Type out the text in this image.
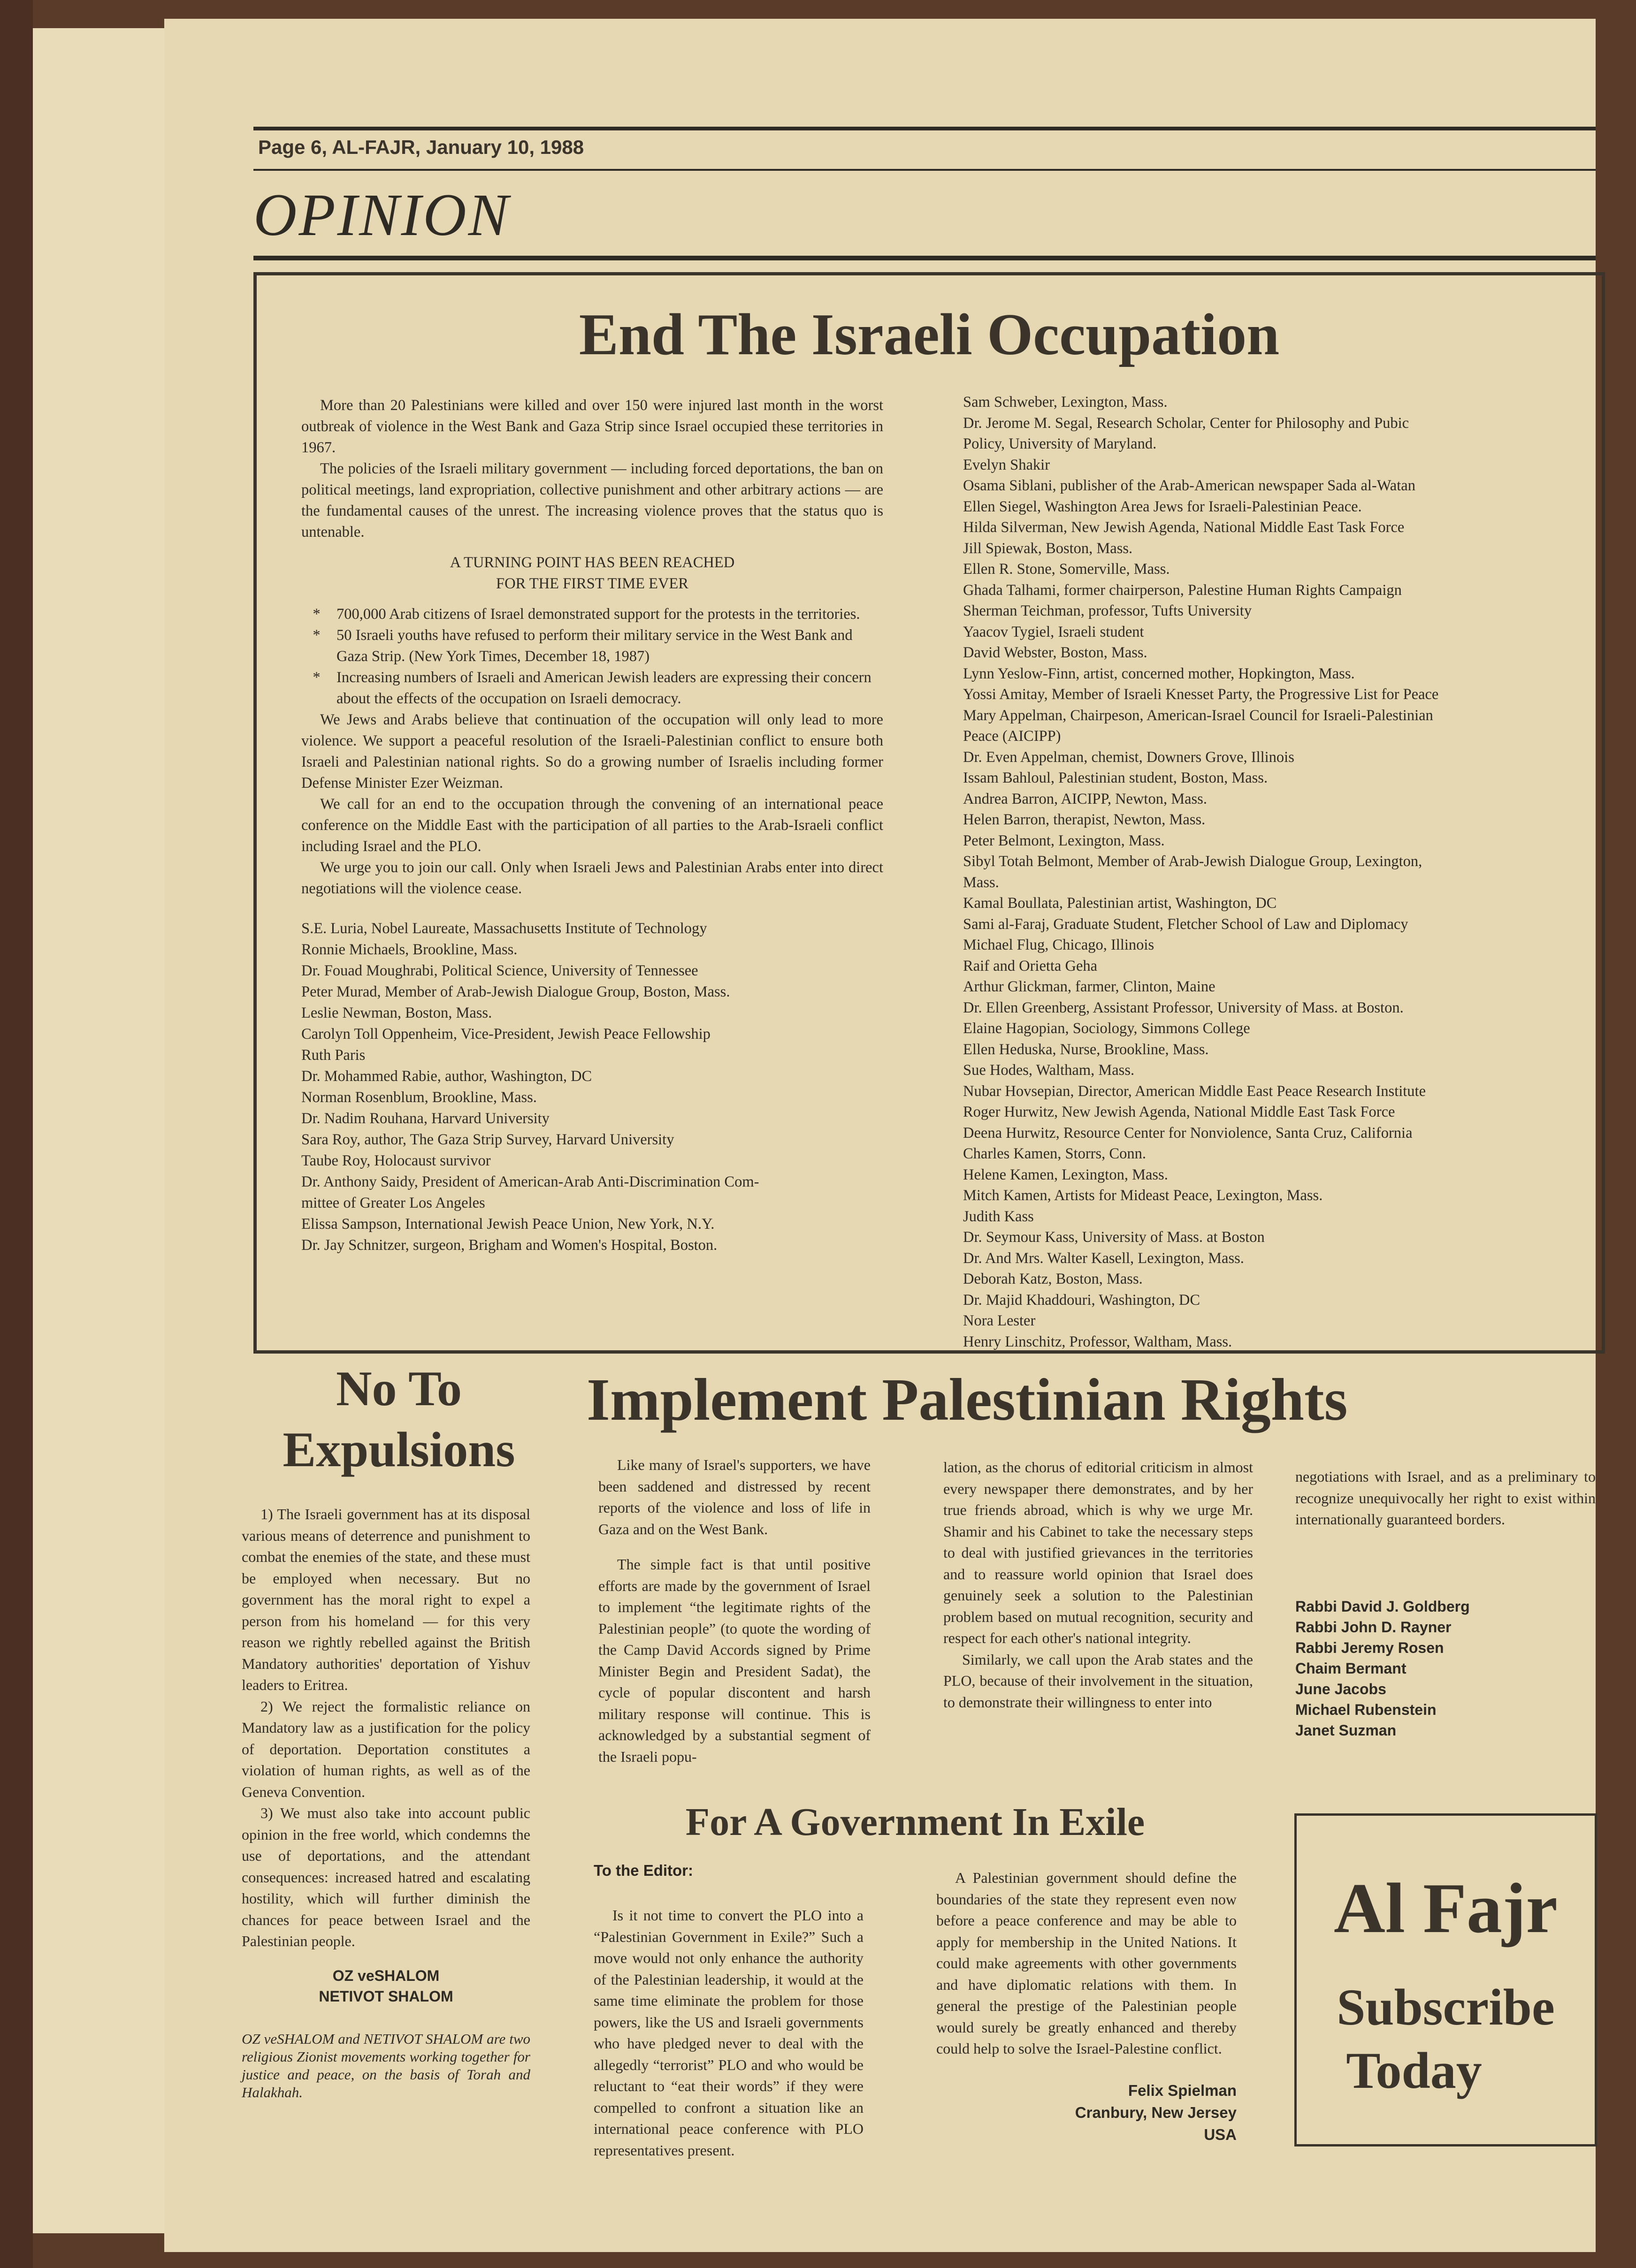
Page 6, AL-FAJR, January 10, 1988
OPINION
End The Israeli Occupation

More than 20 Palestinians were killed and over 150 were injured last month in the worst outbreak of violence in the West Bank and Gaza Strip since Israel occupied these territories in 1967.

The policies of the Israeli military government — including forced deportations, the ban on political meetings, land expropriation, collective punishment and other arbitrary actions — are the fundamental causes of the unrest. The increasing violence proves that the status quo is untenable.

A TURNING POINT HAS BEEN REACHED
FOR THE FIRST TIME EVER
*	700,000 Arab citizens of Israel demonstrated support for the protests in the territories.
*	50 Israeli youths have refused to perform their military service in the West Bank and Gaza Strip. (New York Times, December 18, 1987)
*	Increasing numbers of Israeli and American Jewish leaders are expressing their concern about the effects of the occupation on Israeli democracy.

We Jews and Arabs believe that continuation of the occupation will only lead to more violence. We support a peaceful resolution of the Israeli-Palestinian conflict to ensure both Israeli and Palestinian national rights. So do a growing number of Israelis including former Defense Minister Ezer Weizman.

We call for an end to the occupation through the convening of an international peace conference on the Middle East with the participation of all parties to the Arab-Israeli conflict including Israel and the PLO.

We urge you to join our call. Only when Israeli Jews and Palestinian Arabs enter into direct negotiations will the violence cease.

S.E. Luria, Nobel Laureate, Massachusetts Institute of Technology
Ronnie Michaels, Brookline, Mass.
Dr. Fouad Moughrabi, Political Science, University of Tennessee
Peter Murad, Member of Arab-Jewish Dialogue Group, Boston, Mass.
Leslie Newman, Boston, Mass.
Carolyn Toll Oppenheim, Vice-President, Jewish Peace Fellowship
Ruth Paris
Dr. Mohammed Rabie, author, Washington, DC
Norman Rosenblum, Brookline, Mass.
Dr. Nadim Rouhana, Harvard University
Sara Roy, author, The Gaza Strip Survey, Harvard University
Taube Roy, Holocaust survivor
Dr. Anthony Saidy, President of American-Arab Anti-Discrimination Com-
mittee of Greater Los Angeles
Elissa Sampson, International Jewish Peace Union, New York, N.Y.
Dr. Jay Schnitzer, surgeon, Brigham and Women's Hospital, Boston.
Sam Schweber, Lexington, Mass.
Dr. Jerome M. Segal, Research Scholar, Center for Philosophy and Pubic
Policy, University of Maryland.
Evelyn Shakir
Osama Siblani, publisher of the Arab-American newspaper Sada al-Watan
Ellen Siegel, Washington Area Jews for Israeli-Palestinian Peace.
Hilda Silverman, New Jewish Agenda, National Middle East Task Force
Jill Spiewak, Boston, Mass.
Ellen R. Stone, Somerville, Mass.
Ghada Talhami, former chairperson, Palestine Human Rights Campaign
Sherman Teichman, professor, Tufts University
Yaacov Tygiel, Israeli student
David Webster, Boston, Mass.
Lynn Yeslow-Finn, artist, concerned mother, Hopkington, Mass.
Yossi Amitay, Member of Israeli Knesset Party, the Progressive List for Peace
Mary Appelman, Chairpeson, American-Israel Council for Israeli-Palestinian
Peace (AICIPP)
Dr. Even Appelman, chemist, Downers Grove, Illinois
Issam Bahloul, Palestinian student, Boston, Mass.
Andrea Barron, AICIPP, Newton, Mass.
Helen Barron, therapist, Newton, Mass.
Peter Belmont, Lexington, Mass.
Sibyl Totah Belmont, Member of Arab-Jewish Dialogue Group, Lexington,
Mass.
Kamal Boullata, Palestinian artist, Washington, DC
Sami al-Faraj, Graduate Student, Fletcher School of Law and Diplomacy
Michael Flug, Chicago, Illinois
Raif and Orietta Geha
Arthur Glickman, farmer, Clinton, Maine
Dr. Ellen Greenberg, Assistant Professor, University of Mass. at Boston.
Elaine Hagopian, Sociology, Simmons College
Ellen Heduska, Nurse, Brookline, Mass.
Sue Hodes, Waltham, Mass.
Nubar Hovsepian, Director, American Middle East Peace Research Institute
Roger Hurwitz, New Jewish Agenda, National Middle East Task Force
Deena Hurwitz, Resource Center for Nonviolence, Santa Cruz, California
Charles Kamen, Storrs, Conn.
Helene Kamen, Lexington, Mass.
Mitch Kamen, Artists for Mideast Peace, Lexington, Mass.
Judith Kass
Dr. Seymour Kass, University of Mass. at Boston
Dr. And Mrs. Walter Kasell, Lexington, Mass.
Deborah Katz, Boston, Mass.
Dr. Majid Khaddouri, Washington, DC
Nora Lester
Henry Linschitz, Professor, Waltham, Mass.
No To
Expulsions

1) The Israeli government has at its disposal various means of deterrence and punishment to combat the enemies of the state, and these must be employed when necessary. But no government has the moral right to expel a person from his homeland — for this very reason we rightly rebelled against the British Mandatory authorities' deportation of Yishuv leaders to Eritrea.

2) We reject the formalistic reliance on Mandatory law as a justification for the policy of deportation. Deportation constitutes a violation of human rights, as well as of the Geneva Convention.

3) We must also take into account public opinion in the free world, which condemns the use of deportations, and the attendant consequences: increased hatred and escalating hostility, which will further diminish the chances for peace between Israel and the Palestinian people.

OZ veSHALOM
NETIVOT SHALOM
OZ veSHALOM and NETIVOT SHALOM are two religious Zionist movements working together for justice and peace, on the basis of Torah and Halakhah.
Implement Palestinian Rights

Like many of Israel's supporters, we have been saddened and distressed by recent reports of the violence and loss of life in Gaza and on the West Bank.

The simple fact is that until positive efforts are made by the government of Israel to implement “the legitimate rights of the Palestinian people” (to quote the wording of the Camp David Accords signed by Prime Minister Begin and President Sadat), the cycle of popular discontent and harsh military response will continue. This is acknowledged by a substantial segment of the Israeli popu-

lation, as the chorus of editorial criticism in almost every newspaper there demonstrates, and by her true friends abroad, which is why we urge Mr. Shamir and his Cabinet to take the necessary steps to deal with justified grievances in the territories and to reassure world opinion that Israel does genuinely seek a solution to the Palestinian problem based on mutual recognition, security and respect for each other's national integrity.

Similarly, we call upon the Arab states and the PLO, because of their involvement in the situation, to demonstrate their willingness to enter into

negotiations with Israel, and as a preliminary to recognize unequivocally her right to exist within internationally guaranteed borders.

Rabbi David J. Goldberg
Rabbi John D. Rayner
Rabbi Jeremy Rosen
Chaim Bermant
June Jacobs
Michael Rubenstein
Janet Suzman
For A Government In Exile
To the Editor:

Is it not time to convert the PLO into a “Palestinian Government in Exile?” Such a move would not only enhance the authority of the Palestinian leadership, it would at the same time eliminate the problem for those powers, like the US and Israeli governments who have pledged never to deal with the allegedly “terrorist” PLO and who would be reluctant to “eat their words” if they were compelled to confront a situation like an international peace conference with PLO representatives present.

A Palestinian government should define the boundaries of the state they represent even now before a peace conference and may be able to apply for membership in the United Nations. It could make agreements with other governments and have diplomatic relations with them. In general the prestige of the Palestinian people would surely be greatly enhanced and thereby could help to solve the Israel-Palestine conflict.

Felix Spielman
Cranbury, New Jersey
USA
Al Fajr
Subscribe
Today
